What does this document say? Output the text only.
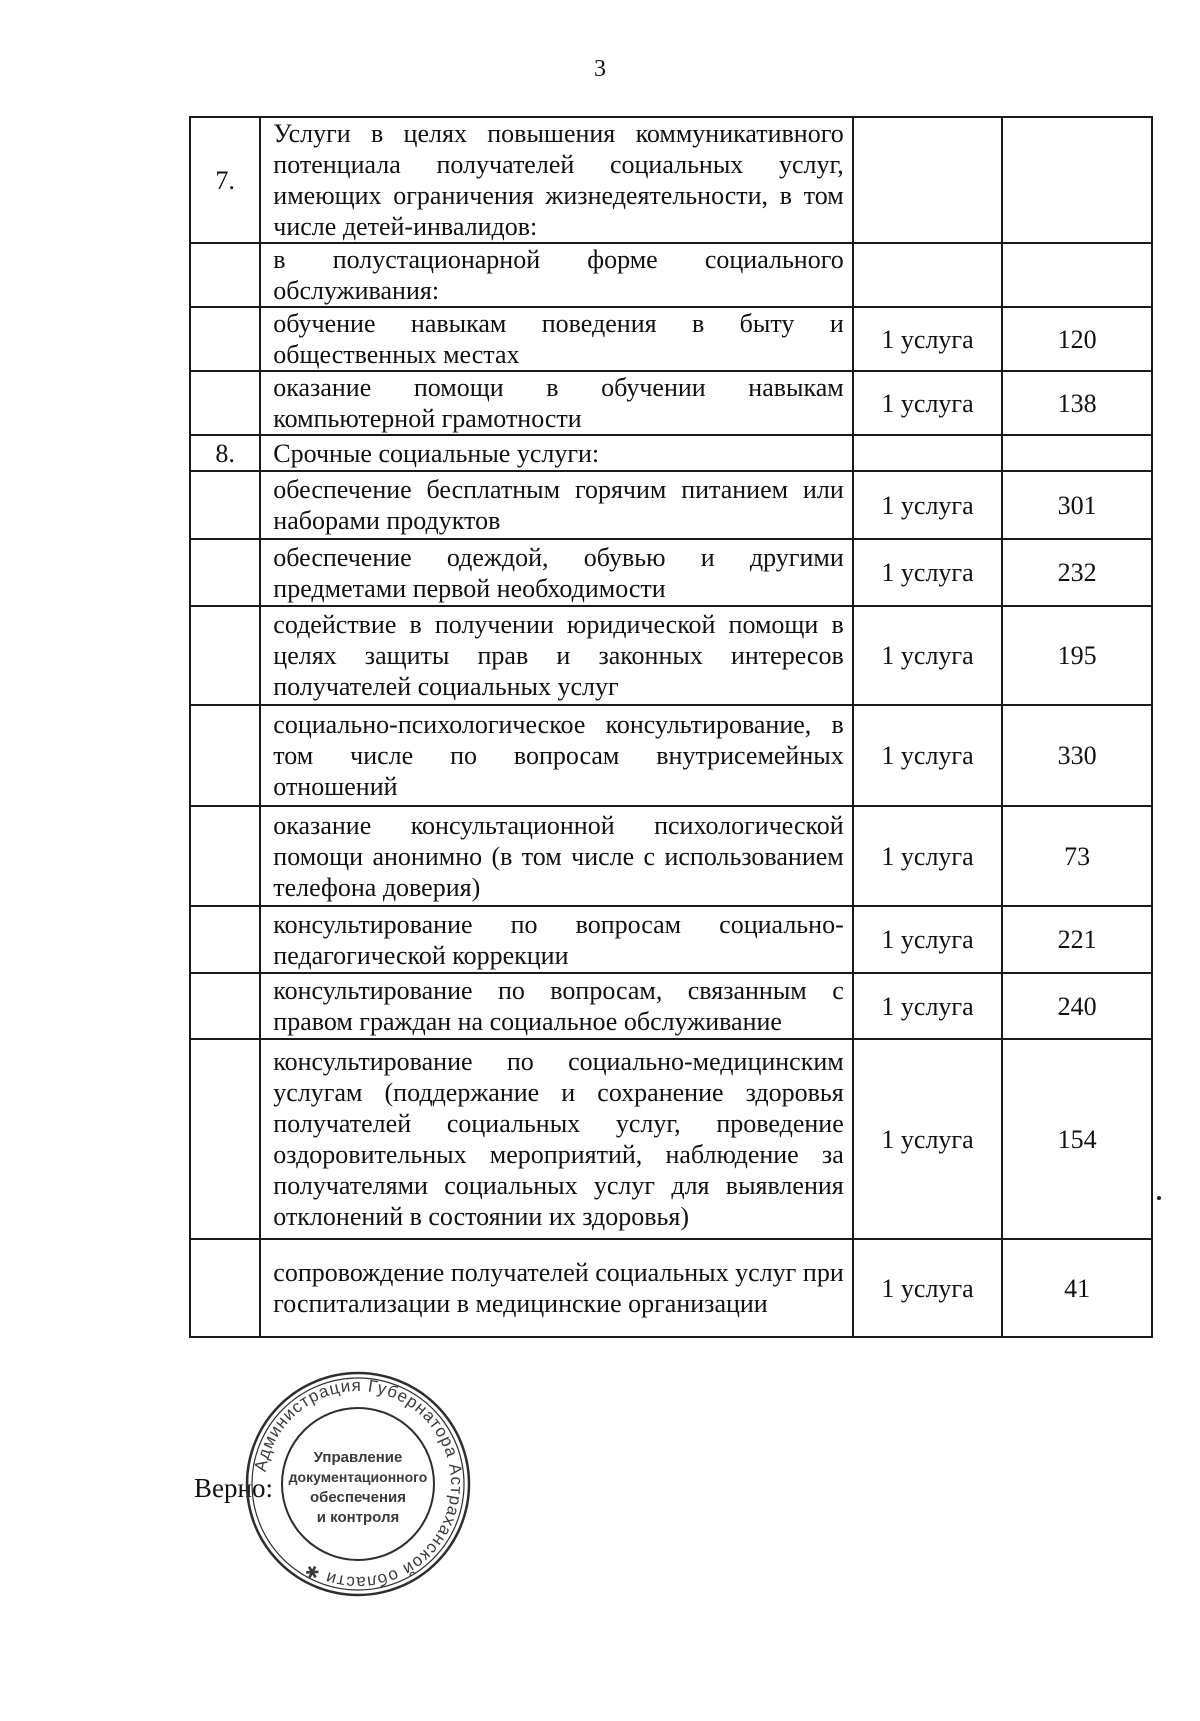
3
7.	Услуги в целях повышения коммуникативного потенциала получателей социальных услуг, имеющих ограничения жизнедеятельности, в том числе детей-инвалидов:		
	в полустационарной форме социального обслуживания:		
	обучение навыкам поведения в быту и общественных местах	1 услуга	120
	оказание помощи в обучении навыкам компьютерной грамотности	1 услуга	138
8.	Срочные социальные услуги:		
	обеспечение бесплатным горячим питанием или наборами продуктов	1 услуга	301
	обеспечение одеждой, обувью и другими предметами первой необходимости	1 услуга	232
	содействие в получении юридической помощи в целях защиты прав и законных интересов получателей социальных услуг	1 услуга	195
	социально-психологическое консультирование, в том числе по вопросам внутрисемейных отношений	1 услуга	330
	оказание консультационной психологической помощи анонимно (в том числе с использованием телефона доверия)	1 услуга	73
	консультирование по вопросам социально-педагогической коррекции	1 услуга	221
	консультирование по вопросам, связанным с правом граждан на социальное обслуживание	1 услуга	240
	консультирование по социально-медицинским услугам (поддержание и сохранение здоровья получателей социальных услуг, проведение оздоровительных мероприятий, наблюдение за получателями социальных услуг для выявления отклонений в состоянии их здоровья)	1 услуга	154
	сопровождение получателей социальных услуг при госпитализации в медицинские организации	1 услуга	41
Верно:
Администрация Губернатора Астраханской области ✱
Управление
документационного
обеспечения
и контроля
